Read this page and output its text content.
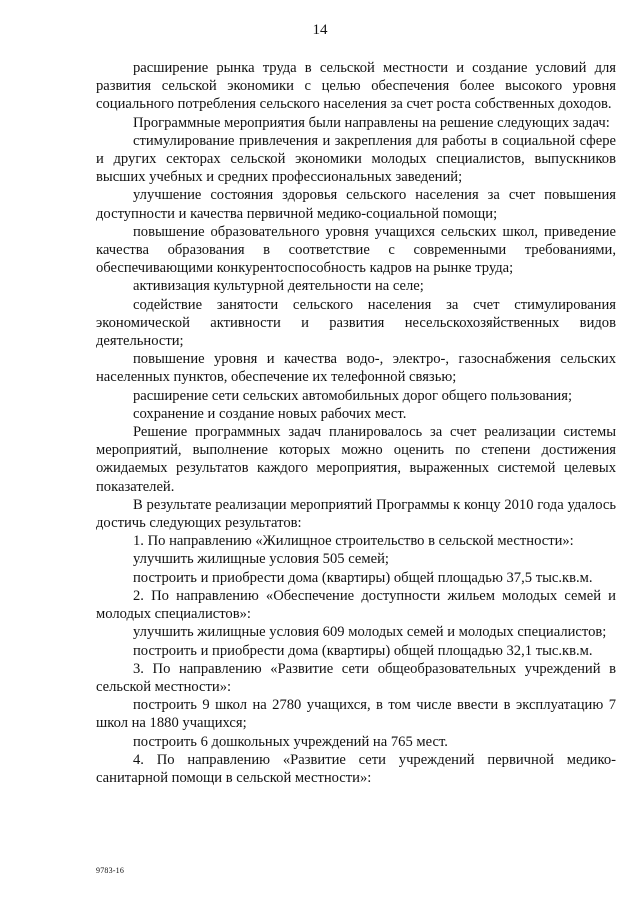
14

расширение рынка труда в сельской местности и создание условий для развития сельской экономики с целью обеспечения более высокого уровня социального потребления сельского населения за счет роста собственных доходов.

Программные мероприятия были направлены на решение следующих задач:

стимулирование привлечения и закрепления для работы в социальной сфере и других секторах сельской экономики молодых специалистов, выпускников высших учебных и средних профессиональных заведений;

улучшение состояния здоровья сельского населения за счет повышения доступности и качества первичной медико-социальной помощи;

повышение образовательного уровня учащихся сельских школ, приведение качества образования в соответствие с современными требованиями, обеспечивающими конкурентоспособность кадров на рынке труда;

активизация культурной деятельности на селе;

содействие занятости сельского населения за счет стимулирования экономической активности и развития несельскохозяйственных видов деятельности;

повышение уровня и качества водо-, электро-, газоснабжения сельских населенных пунктов, обеспечение их телефонной связью;

расширение сети сельских автомобильных дорог общего пользования;

сохранение и создание новых рабочих мест.

Решение программных задач планировалось за счет реализации системы мероприятий, выполнение которых можно оценить по степени достижения ожидаемых результатов каждого мероприятия, выраженных системой целевых показателей.

В результате реализации мероприятий Программы к концу 2010 года удалось достичь следующих результатов:

1. По направлению «Жилищное строительство в сельской местности»:

улучшить жилищные условия 505 семей;

построить и приобрести дома (квартиры) общей площадью 37,5 тыс.кв.м.

2. По направлению «Обеспечение доступности жильем молодых семей и молодых специалистов»:

улучшить жилищные условия 609 молодых семей и молодых специалистов;

построить и приобрести дома (квартиры) общей площадью 32,1 тыс.кв.м.

3. По направлению «Развитие сети общеобразовательных учреждений в сельской местности»:

построить 9 школ на 2780 учащихся, в том числе ввести в эксплуатацию 7 школ на 1880 учащихся;

построить 6 дошкольных учреждений на 765 мест.

4. По направлению «Развитие сети учреждений первичной медико-санитарной помощи в сельской местности»:

9783-16
